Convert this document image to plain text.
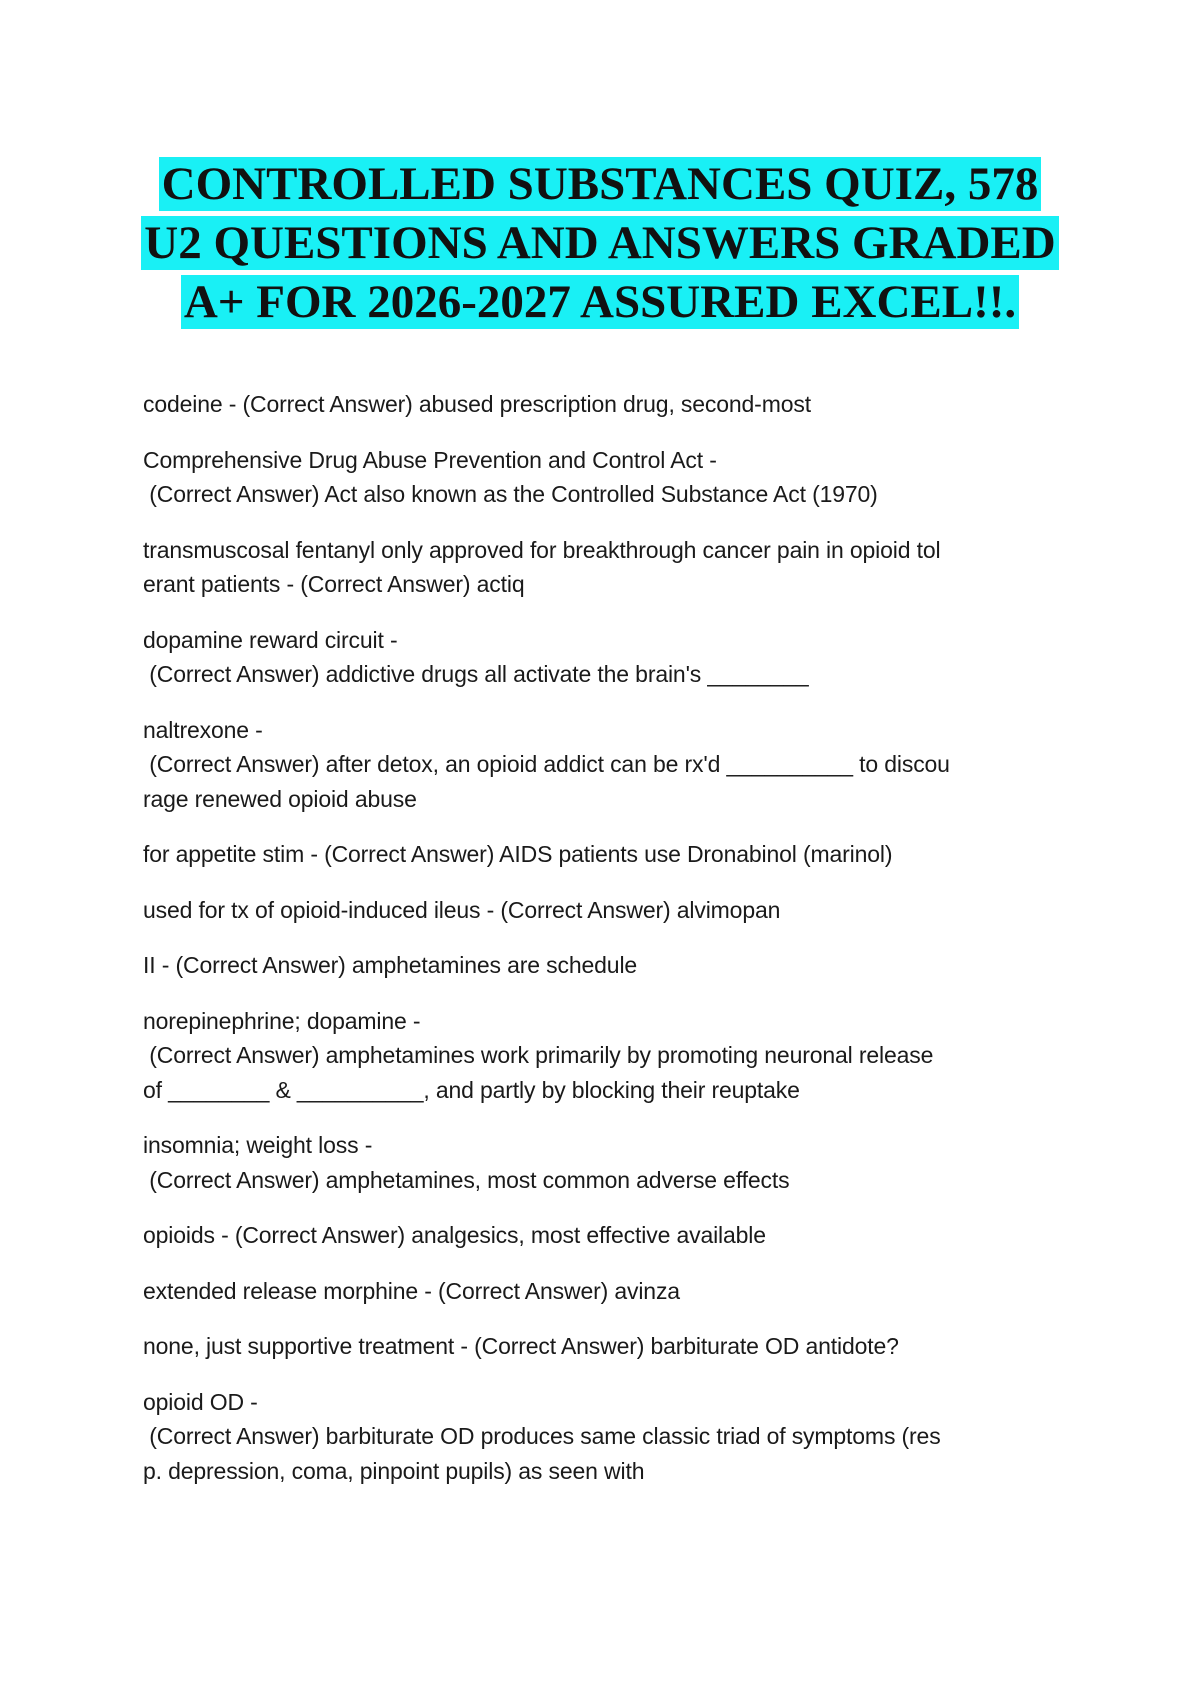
CONTROLLED SUBSTANCES QUIZ, 578
U2 QUESTIONS AND ANSWERS GRADED
A+ FOR 2026-2027 ASSURED EXCEL!!.
codeine - (Correct Answer) abused prescription drug, second-most
Comprehensive Drug Abuse Prevention and Control Act -
(Correct Answer) Act also known as the Controlled Substance Act (1970)
transmuscosal fentanyl only approved for breakthrough cancer pain in opioid tol
erant patients - (Correct Answer) actiq
dopamine reward circuit -
(Correct Answer) addictive drugs all activate the brain's ________
naltrexone -
(Correct Answer) after detox, an opioid addict can be rx'd __________ to discou
rage renewed opioid abuse
for appetite stim - (Correct Answer) AIDS patients use Dronabinol (marinol)
used for tx of opioid-induced ileus - (Correct Answer) alvimopan
II - (Correct Answer) amphetamines are schedule
norepinephrine; dopamine -
(Correct Answer) amphetamines work primarily by promoting neuronal release
of ________ & __________, and partly by blocking their reuptake
insomnia; weight loss -
(Correct Answer) amphetamines, most common adverse effects
opioids - (Correct Answer) analgesics, most effective available
extended release morphine - (Correct Answer) avinza
none, just supportive treatment - (Correct Answer) barbiturate OD antidote?
opioid OD -
(Correct Answer) barbiturate OD produces same classic triad of symptoms (res
p. depression, coma, pinpoint pupils) as seen with
